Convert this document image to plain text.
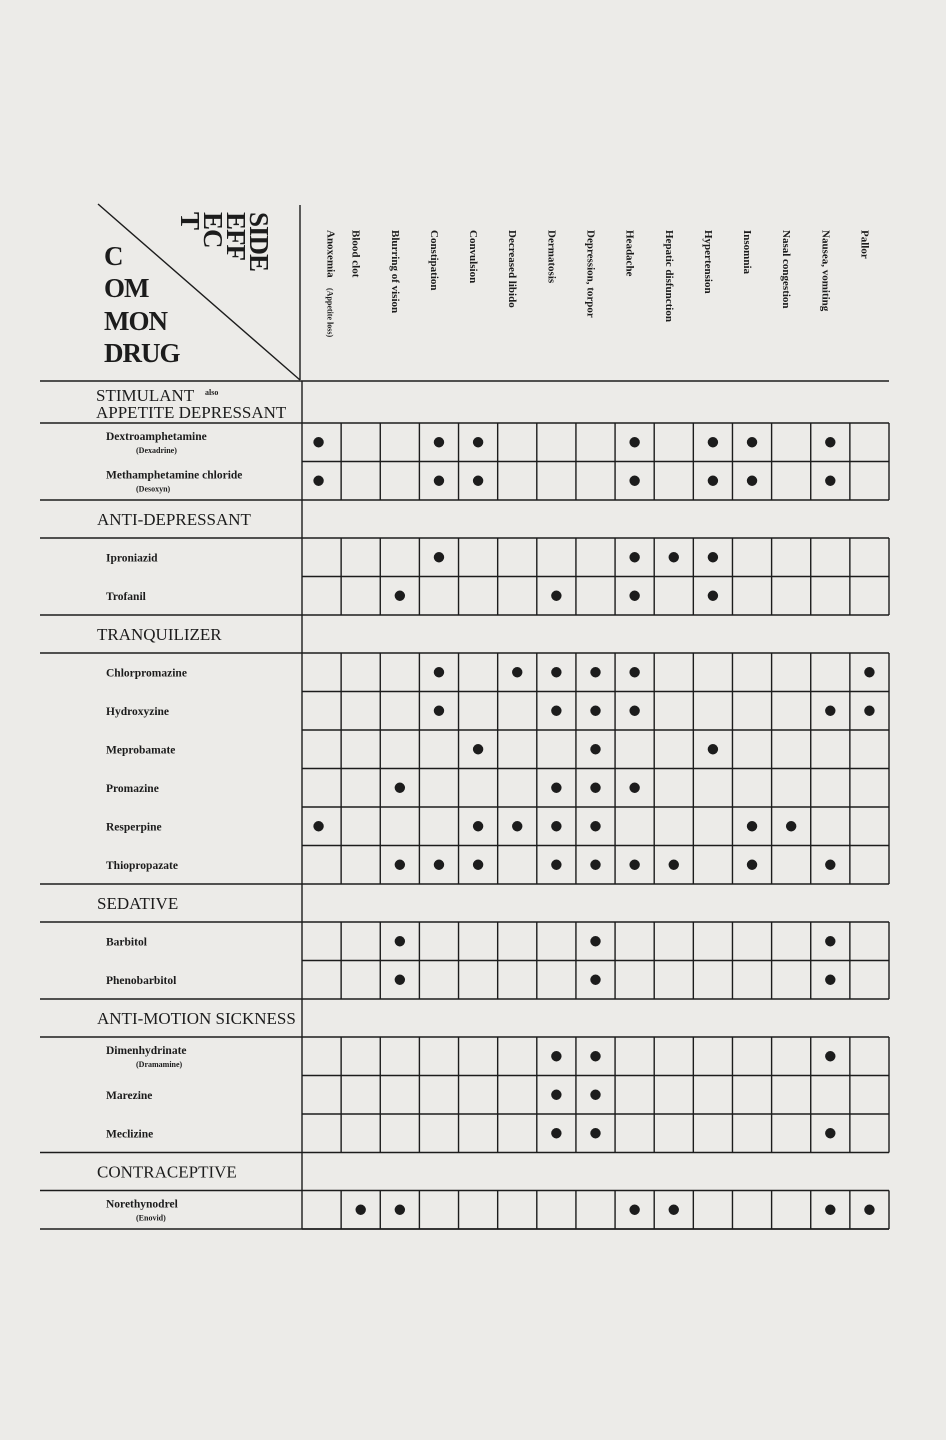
SIDE
EFF
EC
T
C
OM
MON
DRUG
Anoxemia
(Appetite loss)
Blood clot Blurring of vision Constipation Convulsion Decreased libido Dermatosis Depression, torpor Headache Hepatic disfunction Hypertension Insomnia Nasal congestion Nausea, vomiting Pallor
STIMULANT also
APPETITE DEPRESSANT
Dextroamphetamine
(Dexadrine)
Methamphetamine chloride
(Desoxyn)
ANTI-DEPRESSANT
Iproniazid
Trofanil
TRANQUILIZER
Chlorpromazine
Hydroxyzine
Meprobamate
Promazine
Resperpine
Thiopropazate
SEDATIVE
Barbitol
Phenobarbitol
ANTI-MOTION SICKNESS
Dimenhydrinate
(Dramamine)
Marezine
Meclizine
CONTRACEPTIVE
Norethynodrel
(Enovid)
